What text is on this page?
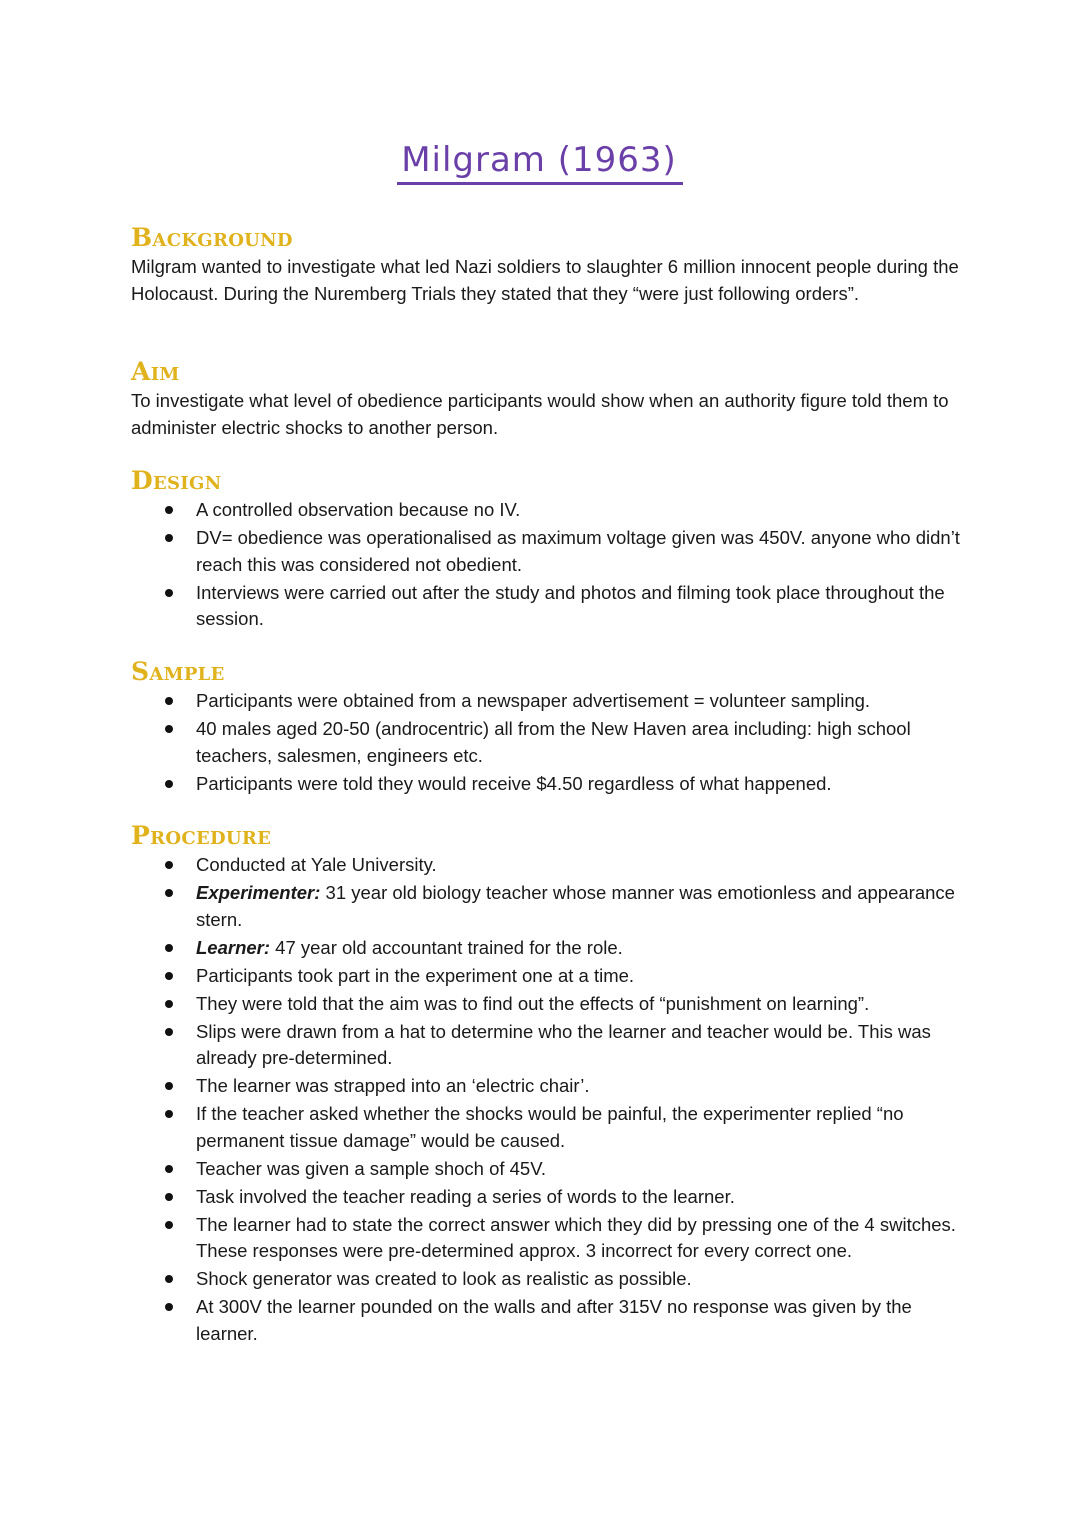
Milgram (1963)
Background

Milgram wanted to investigate what led Nazi soldiers to slaughter 6 million innocent people during the Holocaust. During the Nuremberg Trials they stated that they “were just following orders”.

Aim

To investigate what level of obedience participants would show when an authority figure told them to administer electric shocks to another person.

Design
A controlled observation because no IV.
DV= obedience was operationalised as maximum voltage given was 450V. anyone who didn’t reach this was considered not obedient.
Interviews were carried out after the study and photos and filming took place throughout the session.
Sample
Participants were obtained from a newspaper advertisement = volunteer sampling.
40 males aged 20-50 (androcentric) all from the New Haven area including: high school teachers, salesmen, engineers etc.
Participants were told they would receive $4.50 regardless of what happened.
Procedure
Conducted at Yale University.
Experimenter: 31 year old biology teacher whose manner was emotionless and appearance stern.
Learner: 47 year old accountant trained for the role.
Participants took part in the experiment one at a time.
They were told that the aim was to find out the effects of “punishment on learning”.
Slips were drawn from a hat to determine who the learner and teacher would be. This was already pre-determined.
The learner was strapped into an ‘electric chair’.
If the teacher asked whether the shocks would be painful, the experimenter replied “no permanent tissue damage” would be caused.
Teacher was given a sample shoch of 45V.
Task involved the teacher reading a series of words to the learner.
The learner had to state the correct answer which they did by pressing one of the 4 switches. These responses were pre-determined approx. 3 incorrect for every correct one.
Shock generator was created to look as realistic as possible.
At 300V the learner pounded on the walls and after 315V no response was given by the learner.
